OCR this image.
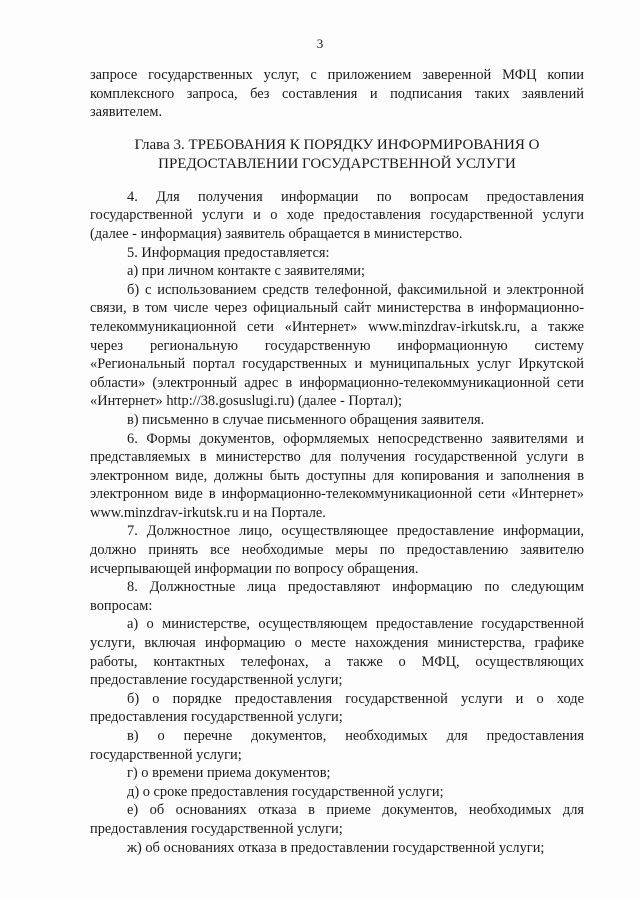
3

запросе государственных услуг, с приложением заверенной МФЦ копии комплексного запроса, без составления и подписания таких заявлений заявителем.

Глава 3. ТРЕБОВАНИЯ К ПОРЯДКУ ИНФОРМИРОВАНИЯ О
ПРЕДОСТАВЛЕНИИ ГОСУДАРСТВЕННОЙ УСЛУГИ

4. Для получения информации по вопросам предоставления государственной услуги и о ходе предоставления государственной услуги (далее - информация) заявитель обращается в министерство.

5. Информация предоставляется:

а) при личном контакте с заявителями;

б) с использованием средств телефонной, факсимильной и электронной связи, в том числе через официальный сайт министерства в информационно-телекоммуникационной сети «Интернет» www.minzdrav-irkutsk.ru, а также через региональную государственную информационную систему «Региональный портал государственных и муниципальных услуг Иркутской области» (электронный адрес в информационно-телекоммуникационной сети «Интернет» http://38.gosuslugi.ru) (далее - Портал);

в) письменно в случае письменного обращения заявителя.

6. Формы документов, оформляемых непосредственно заявителями и представляемых в министерство для получения государственной услуги в электронном виде, должны быть доступны для копирования и заполнения в электронном виде в информационно-телекоммуникационной сети «Интернет» www.minzdrav-irkutsk.ru и на Портале.

7. Должностное лицо, осуществляющее предоставление информации, должно принять все необходимые меры по предоставлению заявителю исчерпывающей информации по вопросу обращения.

8. Должностные лица предоставляют информацию по следующим вопросам:

а) о министерстве, осуществляющем предоставление государственной услуги, включая информацию о месте нахождения министерства, графике работы, контактных телефонах, а также о МФЦ, осуществляющих предоставление государственной услуги;

б) о порядке предоставления государственной услуги и о ходе предоставления государственной услуги;

в) о перечне документов, необходимых для предоставления государственной услуги;

г) о времени приема документов;

д) о сроке предоставления государственной услуги;

е) об основаниях отказа в приеме документов, необходимых для предоставления государственной услуги;

ж) об основаниях отказа в предоставлении государственной услуги;
